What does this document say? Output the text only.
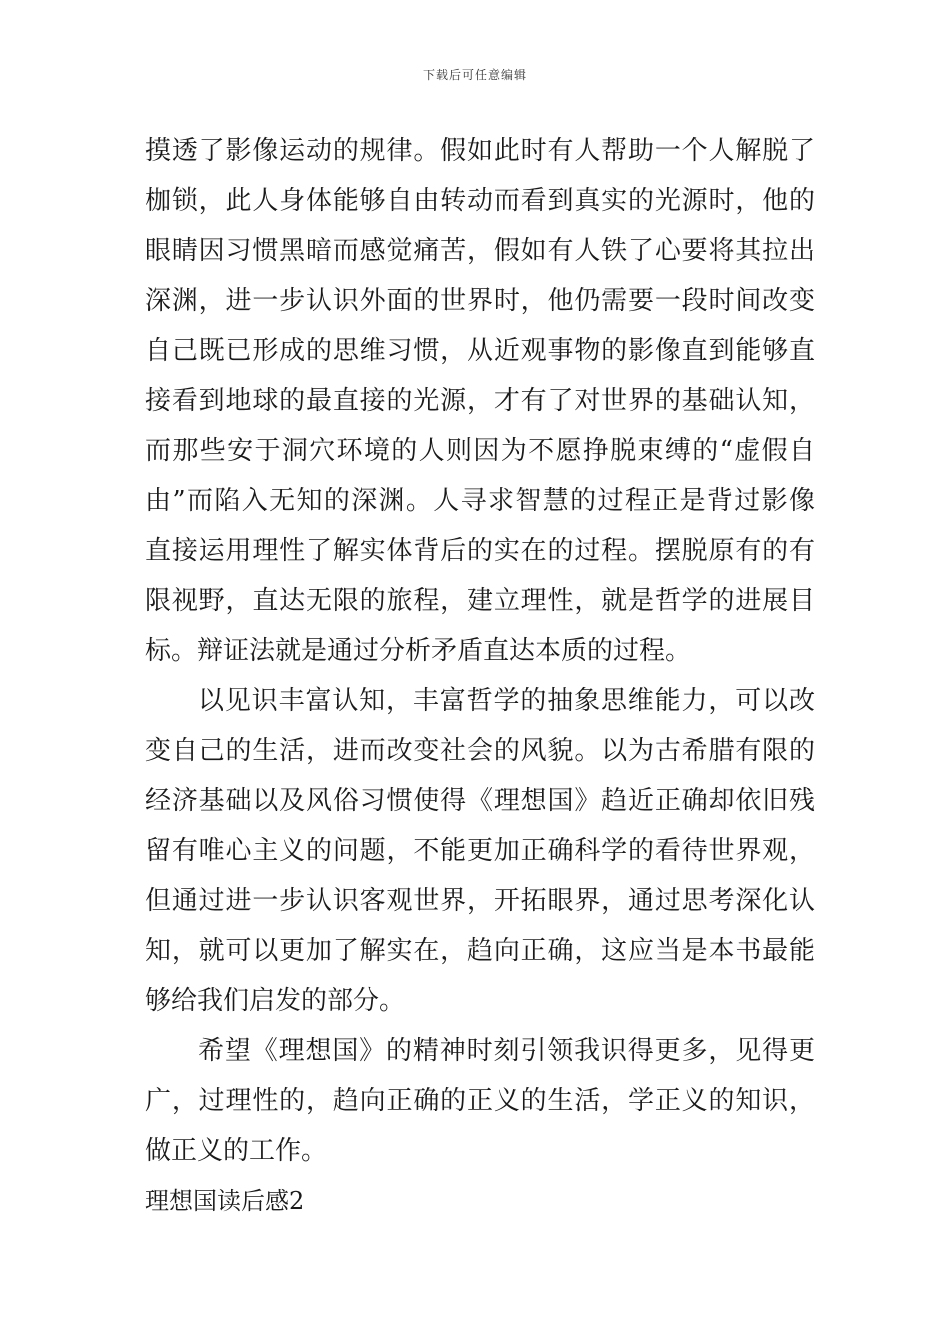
下载后可任意编辑
摸透了影像运动的规律。假如此时有人帮助一个人解脱了
枷锁，此人身体能够自由转动而看到真实的光源时，他的
眼睛因习惯黑暗而感觉痛苦，假如有人铁了心要将其拉出
深渊，进一步认识外面的世界时，他仍需要一段时间改变
自己既已形成的思维习惯，从近观事物的影像直到能够直
接看到地球的最直接的光源，才有了对世界的基础认知，
而那些安于洞穴环境的人则因为不愿挣脱束缚的“虚假自
由”而陷入无知的深渊。人寻求智慧的过程正是背过影像
直接运用理性了解实体背后的实在的过程。摆脱原有的有
限视野，直达无限的旅程，建立理性，就是哲学的进展目
标。辩证法就是通过分析矛盾直达本质的过程。
以见识丰富认知，丰富哲学的抽象思维能力，可以改
变自己的生活，进而改变社会的风貌。以为古希腊有限的
经济基础以及风俗习惯使得《理想国》趋近正确却依旧残
留有唯心主义的问题，不能更加正确科学的看待世界观，
但通过进一步认识客观世界，开拓眼界，通过思考深化认
知，就可以更加了解实在，趋向正确，这应当是本书最能
够给我们启发的部分。
希望《理想国》的精神时刻引领我识得更多，见得更
广，过理性的，趋向正确的正义的生活，学正义的知识，
做正义的工作。
理想国读后感2
